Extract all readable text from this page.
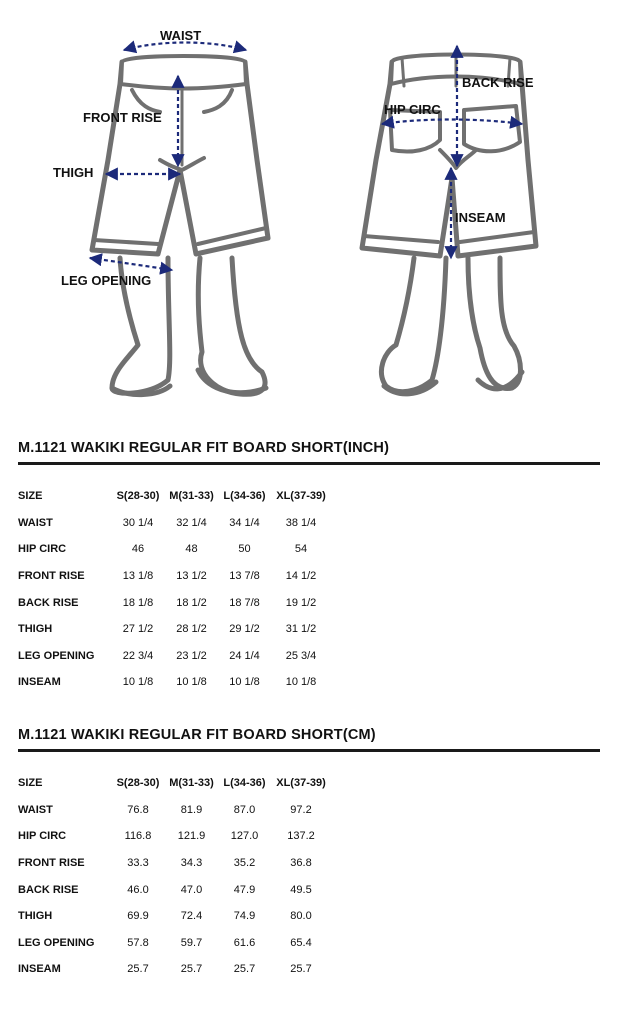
WAIST
FRONT RISE
THIGH
LEG OPENING
BACK RISE
HIP CIRC
INSEAM
M.1121 WAKIKI REGULAR FIT BOARD SHORT(INCH)
SIZE	S(28-30)	M(31-33)	L(34-36)	XL(37-39)
WAIST	30 1/4	32 1/4	34 1/4	38 1/4
HIP CIRC	46	48	50	54
FRONT RISE	13 1/8	13 1/2	13 7/8	14 1/2
BACK RISE	18 1/8	18 1/2	18 7/8	19 1/2
THIGH	27 1/2	28 1/2	29 1/2	31 1/2
LEG OPENING	22 3/4	23 1/2	24 1/4	25 3/4
INSEAM	10 1/8	10 1/8	10 1/8	10 1/8
M.1121 WAKIKI REGULAR FIT BOARD SHORT(CM)
SIZE	S(28-30)	M(31-33)	L(34-36)	XL(37-39)
WAIST	76.8	81.9	87.0	97.2
HIP CIRC	116.8	121.9	127.0	137.2
FRONT RISE	33.3	34.3	35.2	36.8
BACK RISE	46.0	47.0	47.9	49.5
THIGH	69.9	72.4	74.9	80.0
LEG OPENING	57.8	59.7	61.6	65.4
INSEAM	25.7	25.7	25.7	25.7
